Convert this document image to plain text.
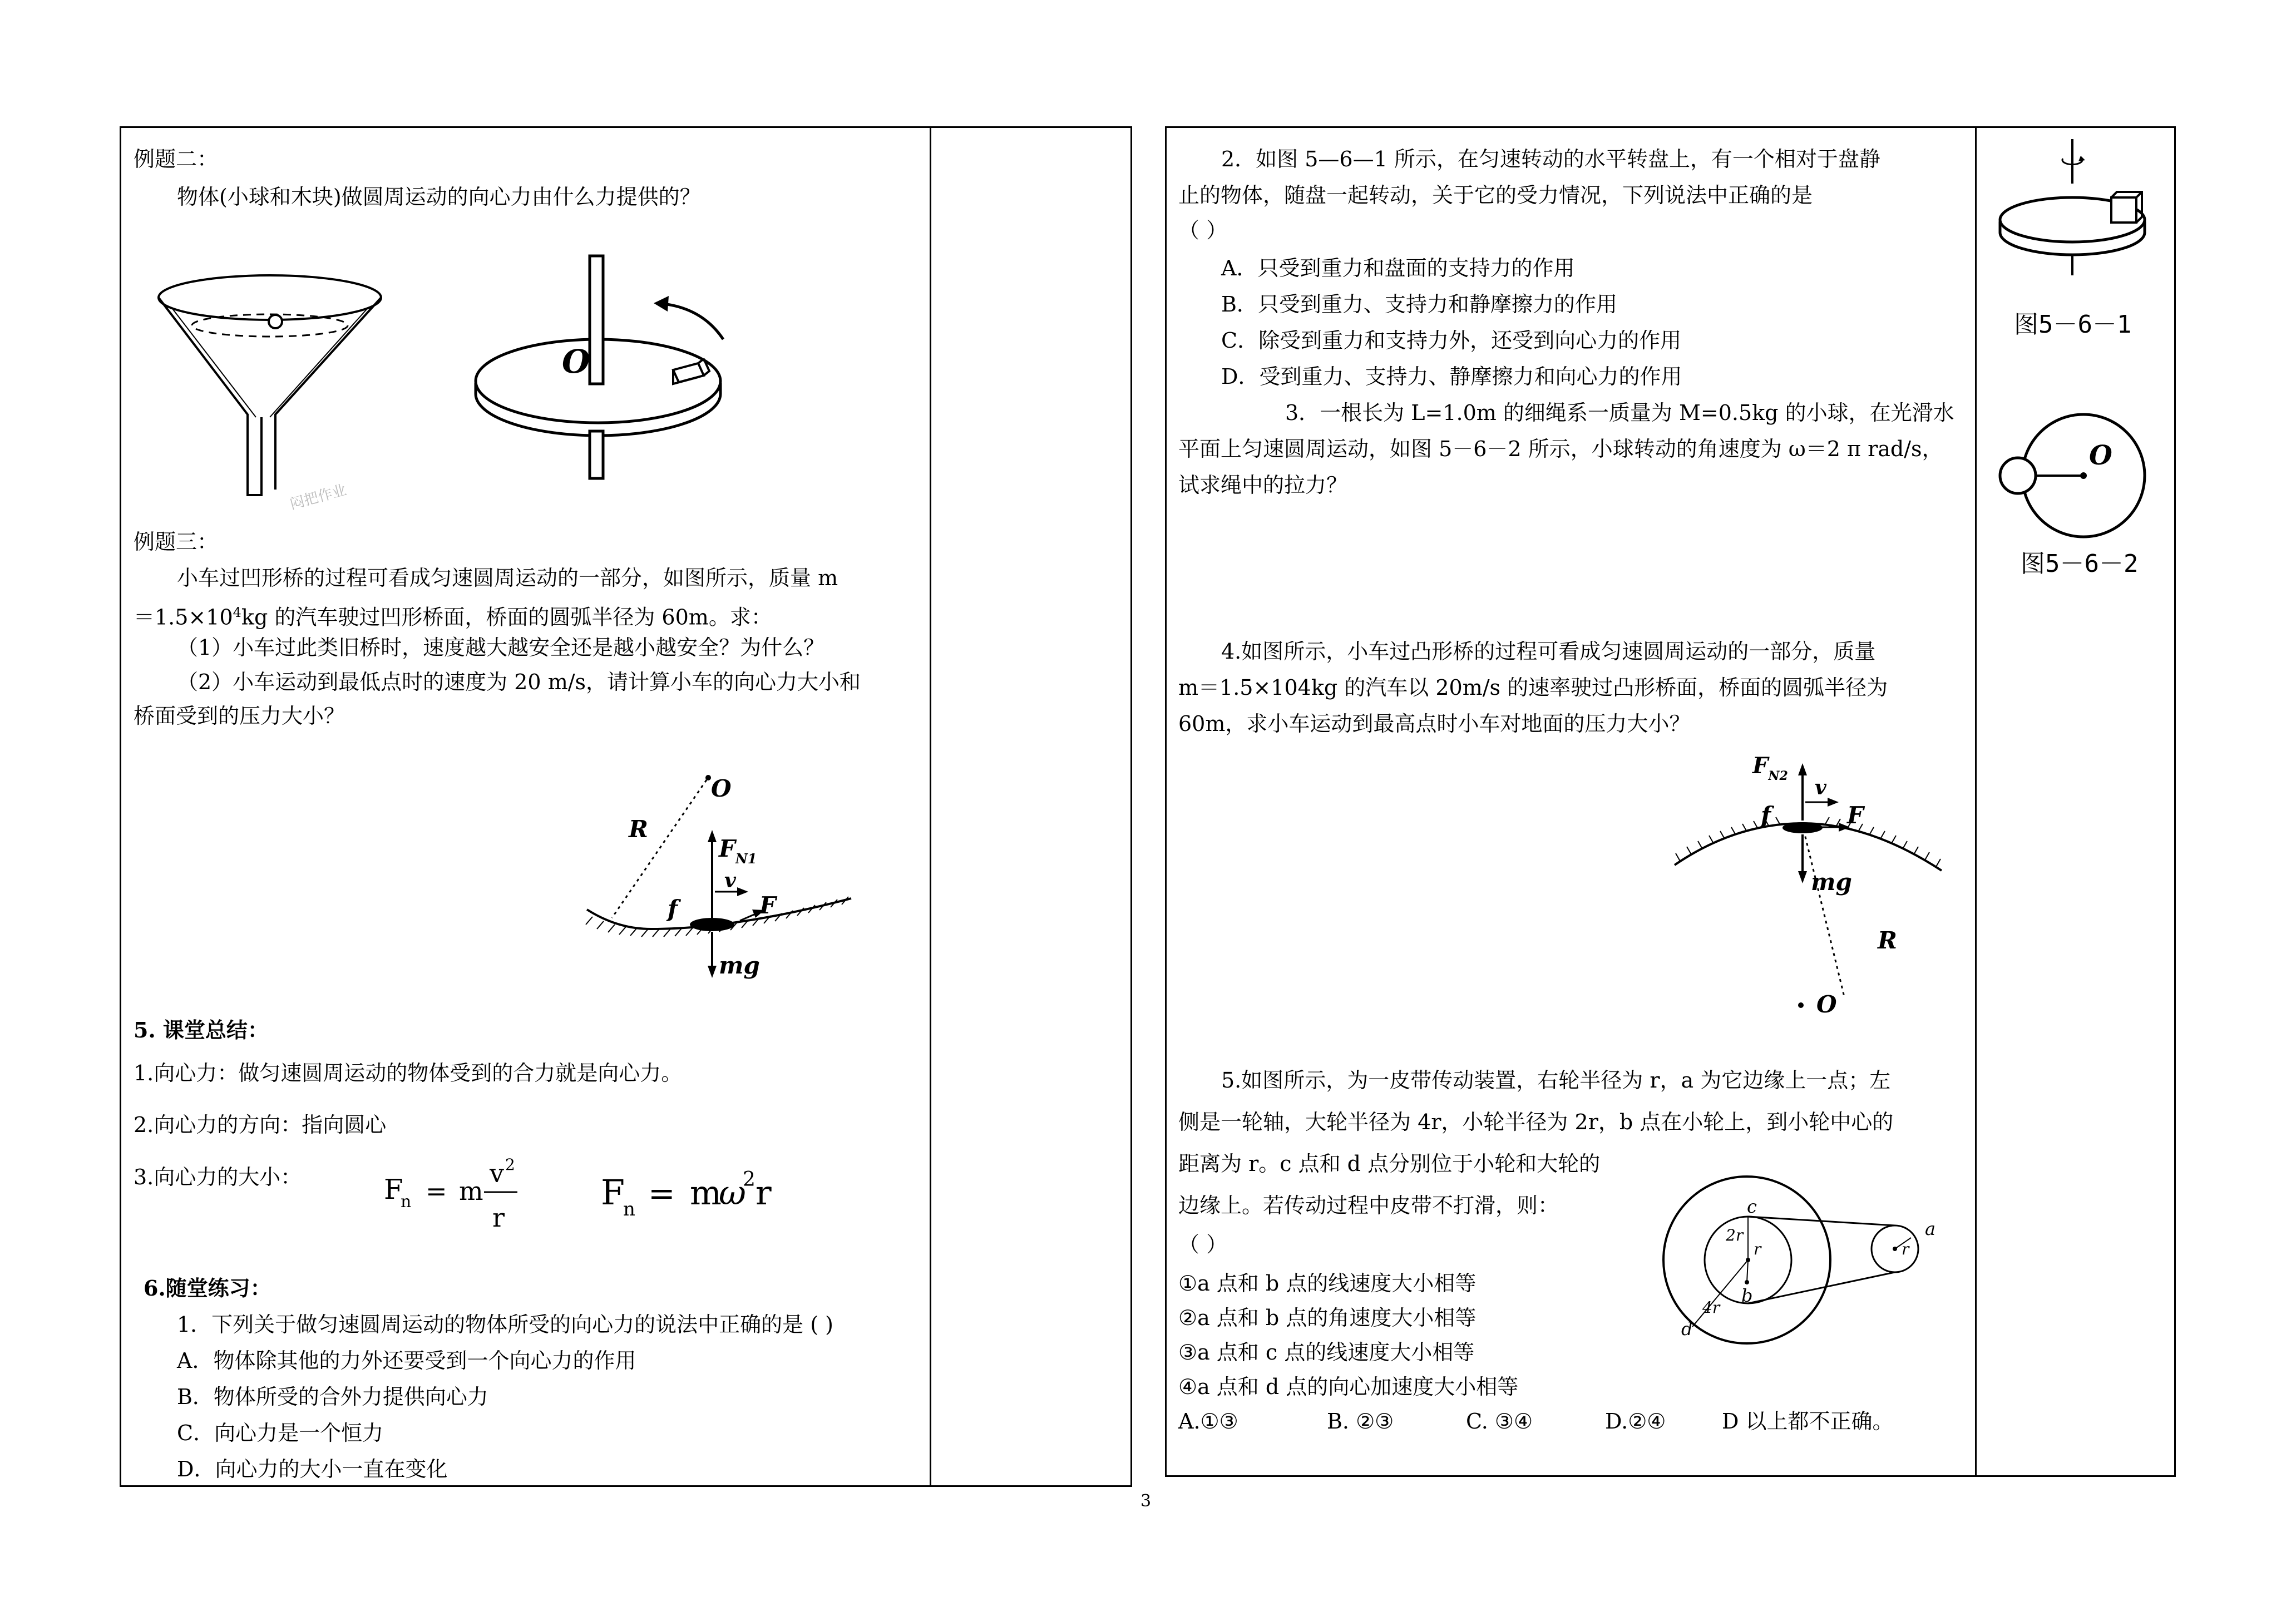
例题二：
物体(小球和木块)做圆周运动的向心力由什么力提供的？
闷把作业
O
例题三：
小车过凹形桥的过程可看成匀速圆周运动的一部分，如图所示，质量 m
$=1.5\times 10^4kg$ 的汽车驶过凹形桥面，桥面的圆弧半径为 60m。求：
（1）小车过此类旧桥时，速度越大越安全还是越小越安全？为什么？
（2）小车运动到最低点时的速度为 20 m/s，请计算小车的向心力大小和
桥面受到的压力大小？
O
R
$F_{N1}$
v
f	F
mg
5. 课堂总结：
1.向心力：做匀速圆周运动的物体受到的合力就是向心力。
2.向心力的方向：指向圆心
3.向心力的大小：	F
n = m
v 2
r
F
n = m
ω
2 r
6.随堂练习：
1．下列关于做匀速圆周运动的物体所受的向心力的说法中正确的是 ( )
A．物体除其他的力外还要受到一个向心力的作用
B．物体所受的合外力提供向心力
C．向心力是一个恒力
D．向心力的大小一直在变化
2．如图 5—6—1 所示，在匀速转动的水平转盘上，有一个相对于盘静
止的物体，随盘一起转动，关于它的受力情况，下列说法中正确的是
（ ）
A．只受到重力和盘面的支持力的作用
B．只受到重力、支持力和静摩擦力的作用
C．除受到重力和支持力外，还受到向心力的作用
D．受到重力、支持力、静摩擦力和向心力的作用
3．一根长为 L=1.0m 的细绳系一质量为 M=0.5kg 的小球，在光滑水
平面上匀速圆周运动，如图 5－6－2 所示，小球转动的角速度为 ω＝2 π rad/s，
试求绳中的拉力？
4.如图所示，小车过凸形桥的过程可看成匀速圆周运动的一部分，质量
m＝1.5×104kg 的汽车以 20m/s 的速率驶过凸形桥面，桥面的圆弧半径为
60m，求小车运动到最高点时小车对地面的压力大小？
$F_{N2}$ v
f	F
mg
R
O
5.如图所示，为一皮带传动装置，右轮半径为 r，a 为它边缘上一点；左
侧是一轮轴，大轮半径为 4r，小轮半径为 2r，b 点在小轮上，到小轮中心的
距离为 r。c 点和 d 点分别位于小轮和大轮的
边缘上。若传动过程中皮带不打滑，则：
（ ）
①a 点和 b 点的线速度大小相等
②a 点和 b 点的角速度大小相等
③a 点和 c 点的线速度大小相等
④a 点和 d 点的向心加速度大小相等
A.①③	B. ②③	C. ③④	D.②④	D 以上都不正确。
c
2r
r
b
4r
d
r
a
图5－6－1
O
图5－6－2
3
